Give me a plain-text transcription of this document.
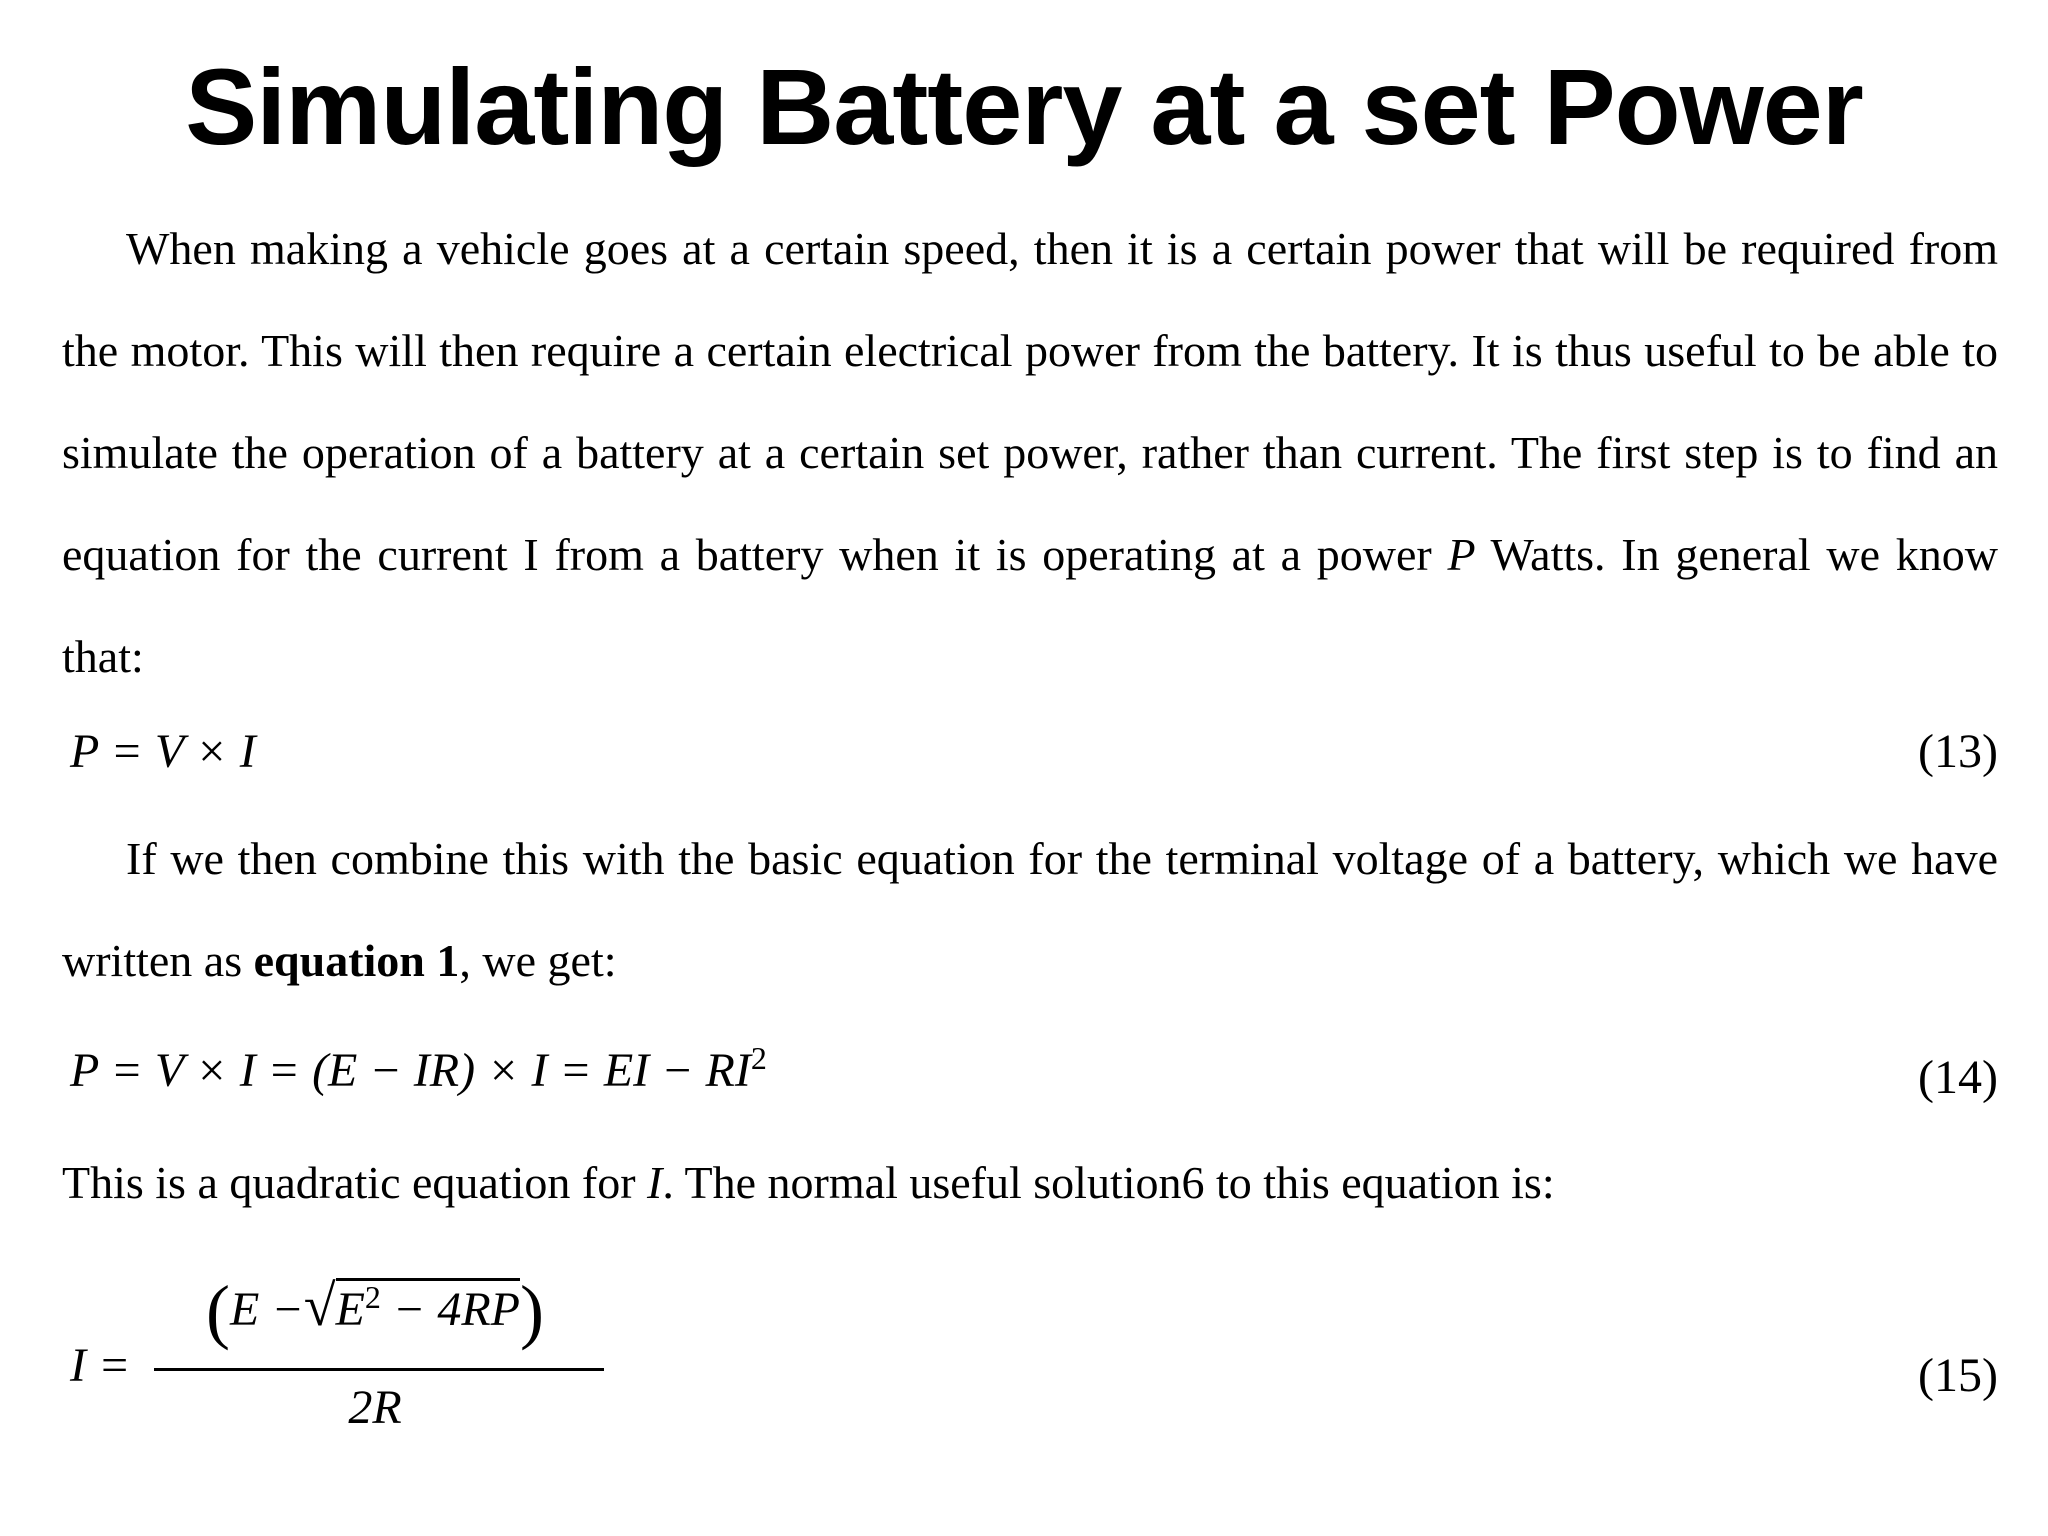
Simulating Battery at a set Power
When making a vehicle goes at a certain speed, then it is a certain power that will be required from the motor. This will then require a certain electrical power from the battery. It is thus useful to be able to simulate the operation of a battery at a certain set power, rather than current. The first step is to find an equation for the current I from a battery when it is operating at a power P Watts. In general we know that:
P = V × I	(13)
If we then combine this with the basic equation for the terminal voltage of a battery, which we have written as equation 1, we get:
P = V × I = (E − IR) × I = EI − $RI^2$	(14)
This is a quadratic equation for I. The normal useful solution6 to this equation is:
I =
$(E -√E^2 - 4RP)$
2R
(15)
